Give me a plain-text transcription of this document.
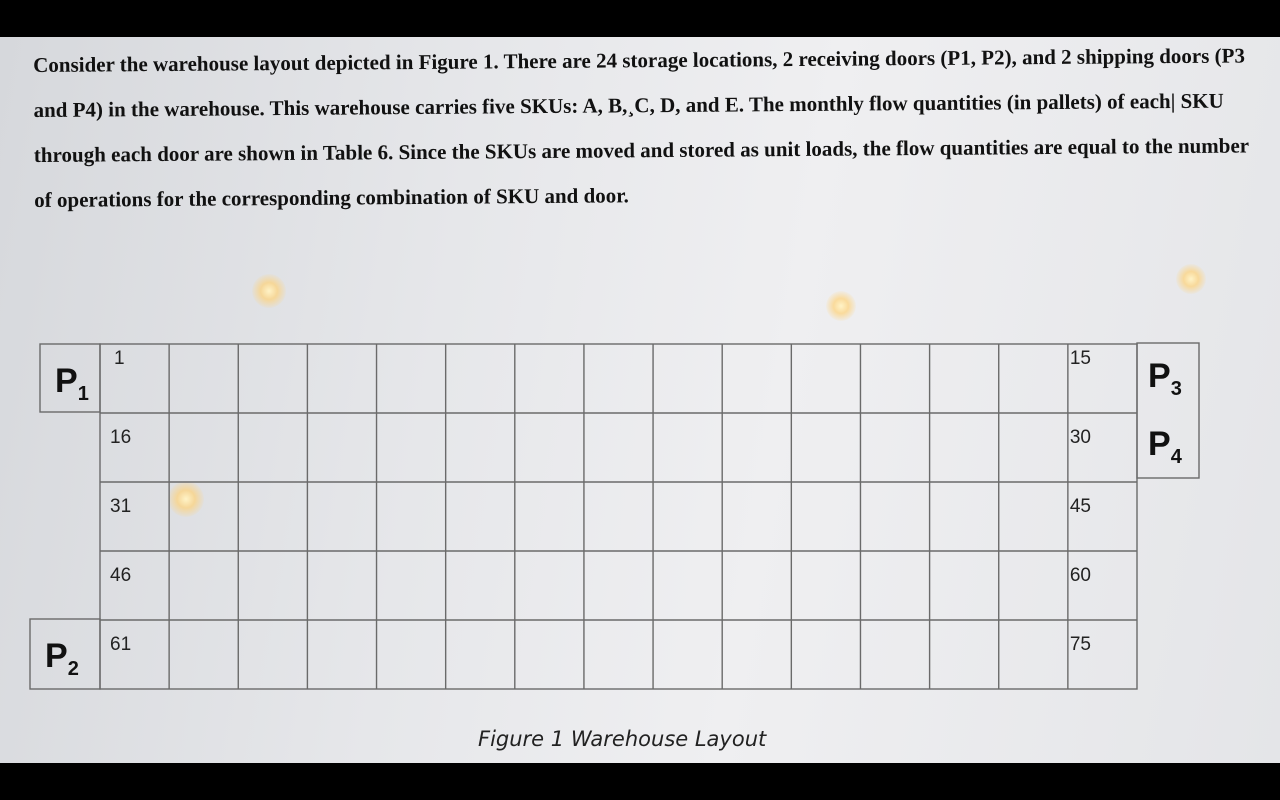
Consider the warehouse layout depicted in Figure 1. There are 24 storage locations, 2 receiving doors (P1, P2), and 2 shipping doors (P3 and P4) in the warehouse. This warehouse carries five SKUs: A, B,¸C, D, and E. The monthly flow quantities (in pallets) of each| SKU through each door are shown in Table 6. Since the SKUs are moved and stored as unit loads, the flow quantities are equal to the number of operations for the corresponding combination of SKU and door.

P1
P2
P3
P4
1	15
16	30
31	45
46	60
61	75

Figure 1 Warehouse Layout
